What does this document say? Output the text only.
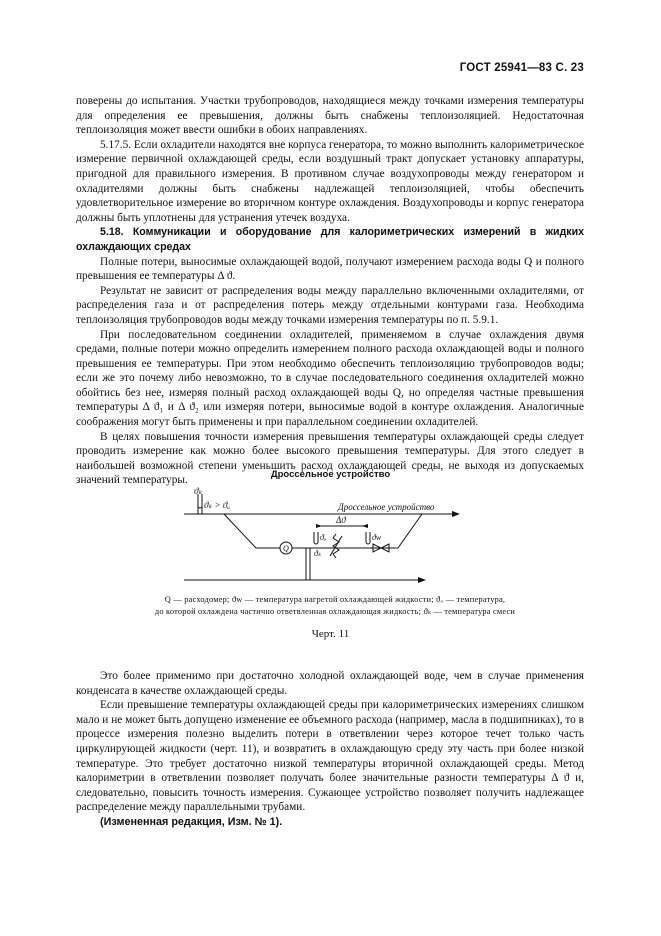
ГОСТ 25941—83 С. 23

поверены до испытания. Участки трубопроводов, находящиеся между точками измерения температуры для определения ее превышения, должны быть снабжены теплоизоляцией. Недостаточная теплоизоляция может ввести ошибки в обоих направлениях.

5.17.5. Если охладители находятся вне корпуса генератора, то можно выполнить калориметрическое измерение первичной охлаждающей среды, если воздушный тракт допускает установку аппаратуры, пригодной для правильного измерения. В противном случае воздухопроводы между генератором и охладителями должны быть снабжены надлежащей теплоизоляцией, чтобы обеспечить удовлетворительное измерение во вторичном контуре охлаждения. Воздухопроводы и корпус генератора должны быть уплотнены для устранения утечек воздуха.

5.18. Коммуникации и оборудование для калориметрических измерений в жидких охлаждающих средах

Полные потери, выносимые охлаждающей водой, получают измерением расхода воды Q и полного превышения ее температуры Δ ϑ.

Результат не зависит от распределения воды между параллельно включенными охладителями, от распределения газа и от распределения потерь между отдельными контурами газа. Необходима теплоизоляция трубопроводов воды между точками измерения температуры по п. 5.9.1.

При последовательном соединении охладителей, применяемом в случае охлаждения двумя средами, полные потери можно определить измерением полного расхода охлаждающей воды и полного превышения ее температуры. При этом необходимо обеспечить теплоизоляцию трубопроводов воды; если же это почему либо невозможно, то в случае последовательного соединения охладителей можно обойтись без нее, измеряя полный расход охлаждающей воды Q, но определяя частные превышения температуры Δ ϑ₁ и Δ ϑ₂ или измеряя потери, выносимые водой в контуре охлаждения. Аналогичные соображения могут быть применены и при параллельном соединении охладителей.

В целях повышения точности измерения превышения температуры охлаждающей среды следует проводить измерение как можно более высокого превышения температуры. Для этого следует в наибольшей возможной степени уменьшить расход охлаждающей среды, не выходя из допускаемых значений температуры.	Дроссельное устройство
ϑₖ
ϑₖ > ϑᵤ	Дроссельное устройство
Δϑ
Q
ϑᵤ	ϑw
ϑₖ
Q — расходомер; ϑw — температура нагретой охлаждающей жидкости; ϑᵤ — температура,
до которой охлаждена частично ответвленная охлаждающая жидкость; ϑₖ — температура смеси
Черт. 11

Это более применимо при достаточно холодной охлаждающей воде, чем в случае применения конденсата в качестве охлаждающей среды.

Если превышение температуры охлаждающей среды при калориметрических измерениях слишком мало и не может быть допущено изменение ее объемного расхода (например, масла в подшипниках), то в процессе измерения полезно выделить потери в ответвлении через которое течет только часть циркулирующей жидкости (черт. 11), и возвратить в охлаждающую среду эту часть при более низкой температуре. Это требует достаточно низкой температуры вторичной охлаждающей среды. Метод калориметрии в ответвлении позволяет получать более значительные разности температуры Δ ϑ и, следовательно, повысить точность измерения. Сужающее устройство позволяет получить надлежащее распределение между параллельными трубами.

(Измененная редакция, Изм. № 1).
